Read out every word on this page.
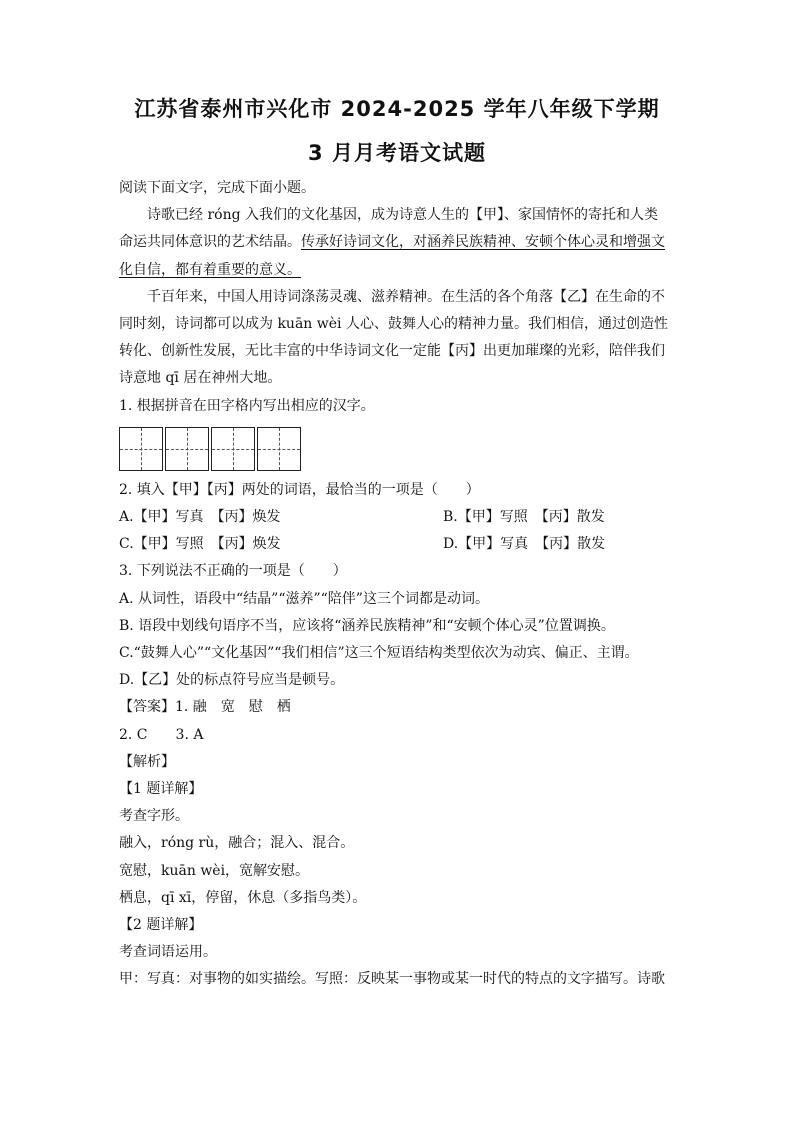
江苏省泰州市兴化市 2024-2025 学年八年级下学期
3 月月考语文试题

阅读下面文字，完成下面小题。

诗歌已经 róng 入我们的文化基因，成为诗意人生的【甲】、家国情怀的寄托和人类命运共同体意识的艺术结晶。传承好诗词文化，对涵养民族精神、安顿个体心灵和增强文化自信，都有着重要的意义。

千百年来，中国人用诗词涤荡灵魂、滋养精神。在生活的各个角落【乙】在生命的不同时刻，诗词都可以成为 kuān wèi 人心、鼓舞人心的精神力量。我们相信，通过创造性转化、创新性发展，无比丰富的中华诗词文化一定能【丙】出更加璀璨的光彩，陪伴我们诗意地 qī 居在神州大地。

1. 根据拼音在田字格内写出相应的汉字。

2. 填入【甲】【丙】两处的词语，最恰当的一项是（　　）

A.【甲】写真　【丙】焕发	B.【甲】写照　【丙】散发
C.【甲】写照　【丙】焕发	D.【甲】写真　【丙】散发

3. 下列说法不正确的一项是（　　）

A. 从词性，语段中“结晶”“滋养”“陪伴”这三个词都是动词。

B. 语段中划线句语序不当，应该将“涵养民族精神”和“安顿个体心灵”位置调换。

C.“鼓舞人心”“文化基因”“我们相信”这三个短语结构类型依次为动宾、偏正、主谓。

D.【乙】处的标点符号应当是顿号。

【答案】1. 融　宽　慰　栖

2. C 3. A

【解析】

【1 题详解】

考查字形。

融入，róng rù，融合；混入、混合。

宽慰，kuān wèi，宽解安慰。

栖息，qī xī，停留，休息（多指鸟类）。

【2 题详解】

考查词语运用。

甲：写真：对事物的如实描绘。写照：反映某一事物或某一时代的特点的文字描写。诗歌
